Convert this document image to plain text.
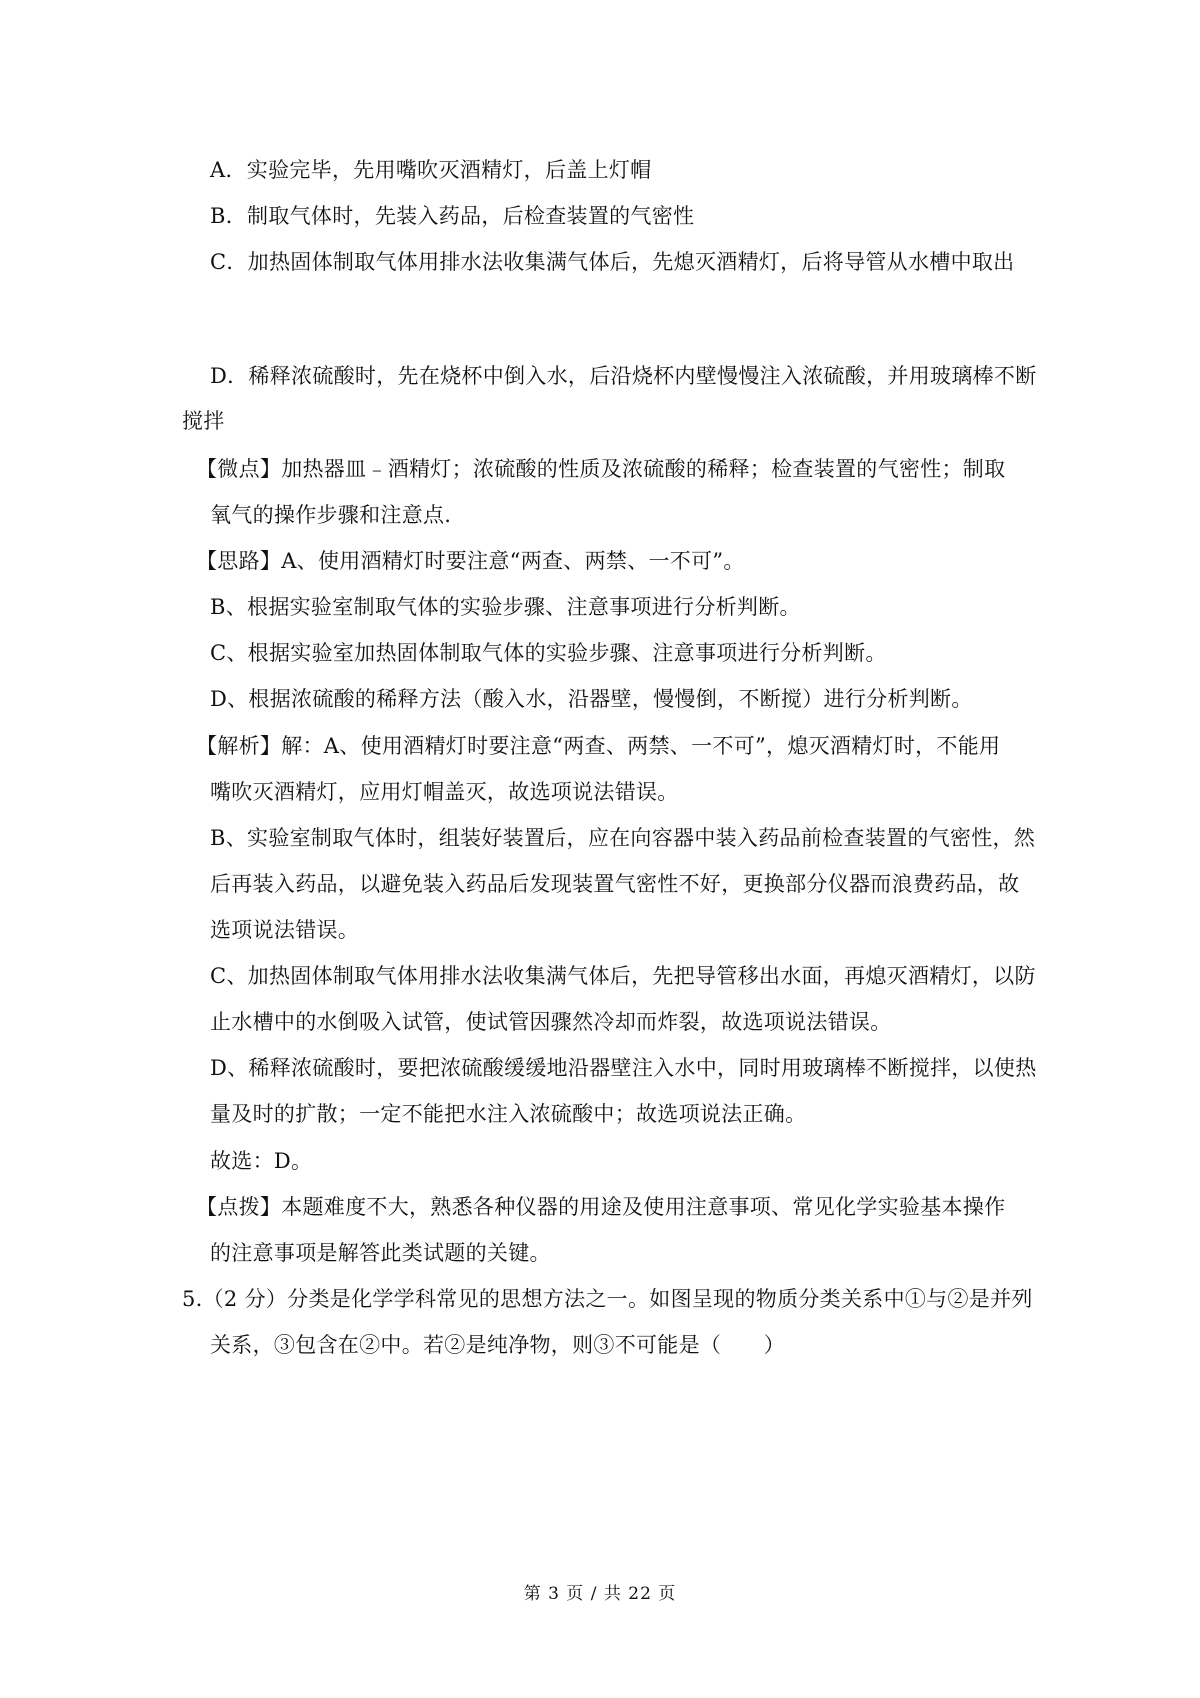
A．实验完毕，先用嘴吹灭酒精灯，后盖上灯帽
B．制取气体时，先装入药品，后检查装置的气密性
C．加热固体制取气体用排水法收集满气体后，先熄灭酒精灯，后将导管从水槽中取出
D．稀释浓硫酸时，先在烧杯中倒入水，后沿烧杯内壁慢慢注入浓硫酸，并用玻璃棒不断
搅拌
【微点】加热器皿﹣酒精灯；浓硫酸的性质及浓硫酸的稀释；检查装置的气密性；制取
氧气的操作步骤和注意点.
【思路】A、使用酒精灯时要注意“两查、两禁、一不可”。
B、根据实验室制取气体的实验步骤、注意事项进行分析判断。
C、根据实验室加热固体制取气体的实验步骤、注意事项进行分析判断。
D、根据浓硫酸的稀释方法（酸入水，沿器壁，慢慢倒，不断搅）进行分析判断。
【解析】解：A、使用酒精灯时要注意“两查、两禁、一不可”，熄灭酒精灯时，不能用
嘴吹灭酒精灯，应用灯帽盖灭，故选项说法错误。
B、实验室制取气体时，组装好装置后，应在向容器中装入药品前检查装置的气密性，然
后再装入药品，以避免装入药品后发现装置气密性不好，更换部分仪器而浪费药品，故
选项说法错误。
C、加热固体制取气体用排水法收集满气体后，先把导管移出水面，再熄灭酒精灯，以防
止水槽中的水倒吸入试管，使试管因骤然冷却而炸裂，故选项说法错误。
D、稀释浓硫酸时，要把浓硫酸缓缓地沿器壁注入水中，同时用玻璃棒不断搅拌，以使热
量及时的扩散；一定不能把水注入浓硫酸中；故选项说法正确。
故选：D。
【点拨】本题难度不大，熟悉各种仪器的用途及使用注意事项、常见化学实验基本操作
的注意事项是解答此类试题的关键。
5.（2 分）分类是化学学科常见的思想方法之一。如图呈现的物质分类关系中①与②是并列
关系，③包含在②中。若②是纯净物，则③不可能是（　　）
第 3 页 / 共 22 页
